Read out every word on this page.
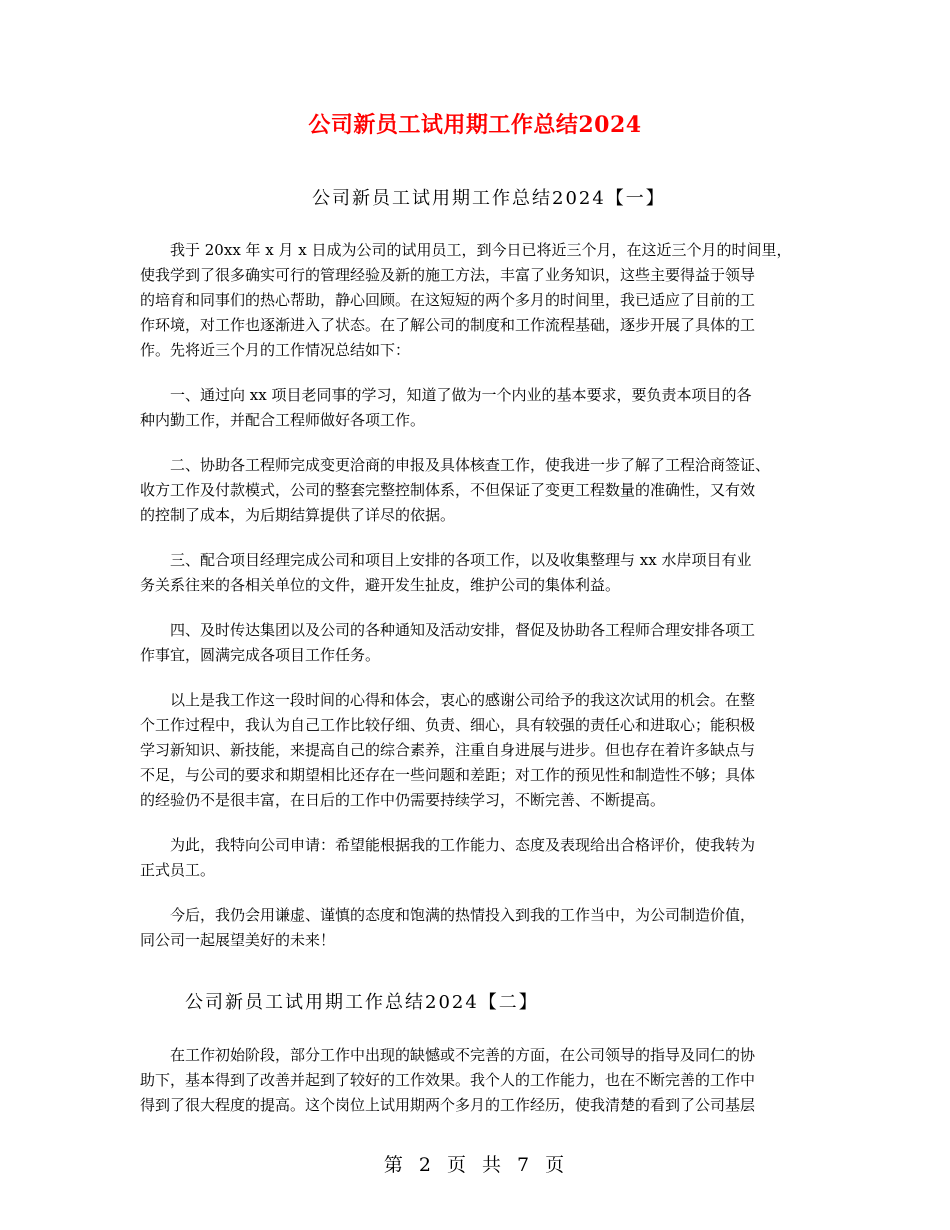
公司新员工试用期工作总结2024
公司新员工试用期工作总结2024【一】
我于 20xx 年 x 月 x 日成为公司的试用员工，到今日已将近三个月，在这近三个月的时间里，
使我学到了很多确实可行的管理经验及新的施工方法，丰富了业务知识，这些主要得益于领导
的培育和同事们的热心帮助，静心回顾。在这短短的两个多月的时间里，我已适应了目前的工
作环境，对工作也逐渐进入了状态。在了解公司的制度和工作流程基础，逐步开展了具体的工
作。先将近三个月的工作情况总结如下：
一、通过向 xx 项目老同事的学习，知道了做为一个内业的基本要求，要负责本项目的各
种内勤工作，并配合工程师做好各项工作。
二、协助各工程师完成变更洽商的申报及具体核查工作，使我进一步了解了工程洽商签证、
收方工作及付款模式，公司的整套完整控制体系，不但保证了变更工程数量的准确性，又有效
的控制了成本，为后期结算提供了详尽的依据。
三、配合项目经理完成公司和项目上安排的各项工作，以及收集整理与 xx 水岸项目有业
务关系往来的各相关单位的文件，避开发生扯皮，维护公司的集体利益。
四、及时传达集团以及公司的各种通知及活动安排，督促及协助各工程师合理安排各项工
作事宜，圆满完成各项目工作任务。
以上是我工作这一段时间的心得和体会，衷心的感谢公司给予的我这次试用的机会。在整
个工作过程中，我认为自己工作比较仔细、负责、细心，具有较强的责任心和进取心；能积极
学习新知识、新技能，来提高自己的综合素养，注重自身进展与进步。但也存在着许多缺点与
不足，与公司的要求和期望相比还存在一些问题和差距；对工作的预见性和制造性不够；具体
的经验仍不是很丰富，在日后的工作中仍需要持续学习，不断完善、不断提高。
为此，我特向公司申请：希望能根据我的工作能力、态度及表现给出合格评价，使我转为
正式员工。
今后，我仍会用谦虚、谨慎的态度和饱满的热情投入到我的工作当中，为公司制造价值，
同公司一起展望美好的未来！
公司新员工试用期工作总结2024【二】
在工作初始阶段，部分工作中出现的缺憾或不完善的方面，在公司领导的指导及同仁的协
助下，基本得到了改善并起到了较好的工作效果。我个人的工作能力，也在不断完善的工作中
得到了很大程度的提高。这个岗位上试用期两个多月的工作经历，使我清楚的看到了公司基层
第 2 页 共 7 页
